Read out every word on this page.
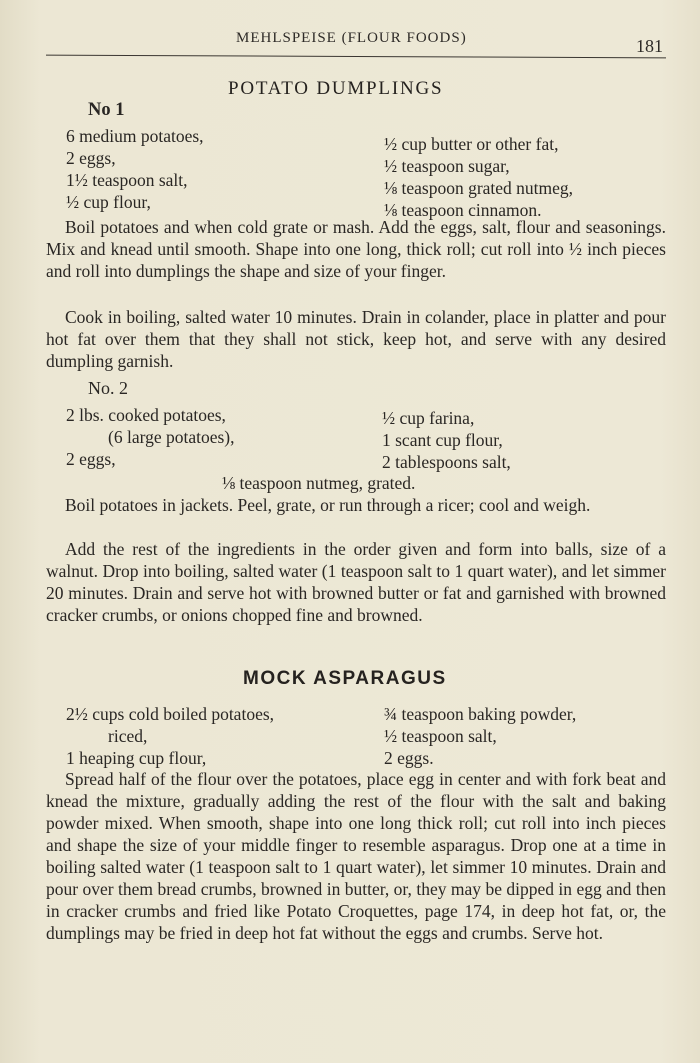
MEHLSPEISE (FLOUR FOODS)	181
POTATO DUMPLINGS
No 1
6 medium potatoes,
2 eggs,
1½ teaspoon salt,
½ cup flour,
½ cup butter or other fat,
½ teaspoon sugar,
⅛ teaspoon grated nutmeg,
⅛ teaspoon cinnamon.
Boil potatoes and when cold grate or mash. Add the eggs, salt, flour and seasonings. Mix and knead until smooth. Shape into one long, thick roll; cut roll into ½ inch pieces and roll into dumplings the shape and size of your finger.
Cook in boiling, salted water 10 minutes. Drain in colander, place in platter and pour hot fat over them that they shall not stick, keep hot, and serve with any desired dumpling garnish.
No. 2
2 lbs. cooked potatoes,
(6 large potatoes),
2 eggs,
½ cup farina,
1 scant cup flour,
2 tablespoons salt,
⅛ teaspoon nutmeg, grated.
Boil potatoes in jackets. Peel, grate, or run through a ricer; cool and weigh.
Add the rest of the ingredients in the order given and form into balls, size of a walnut. Drop into boiling, salted water (1 teaspoon salt to 1 quart water), and let simmer 20 minutes. Drain and serve hot with browned butter or fat and garnished with browned cracker crumbs, or onions chopped fine and browned.
MOCK ASPARAGUS
2½ cups cold boiled potatoes,
riced,
1 heaping cup flour,
¾ teaspoon baking powder,
½ teaspoon salt,
2 eggs.
Spread half of the flour over the potatoes, place egg in center and with fork beat and knead the mixture, gradually adding the rest of the flour with the salt and baking powder mixed. When smooth, shape into one long thick roll; cut roll into inch pieces and shape the size of your middle finger to resemble asparagus. Drop one at a time in boiling salted water (1 teaspoon salt to 1 quart water), let simmer 10 minutes. Drain and pour over them bread crumbs, browned in butter, or, they may be dipped in egg and then in cracker crumbs and fried like Potato Croquettes, page 174, in deep hot fat, or, the dumplings may be fried in deep hot fat without the eggs and crumbs. Serve hot.
